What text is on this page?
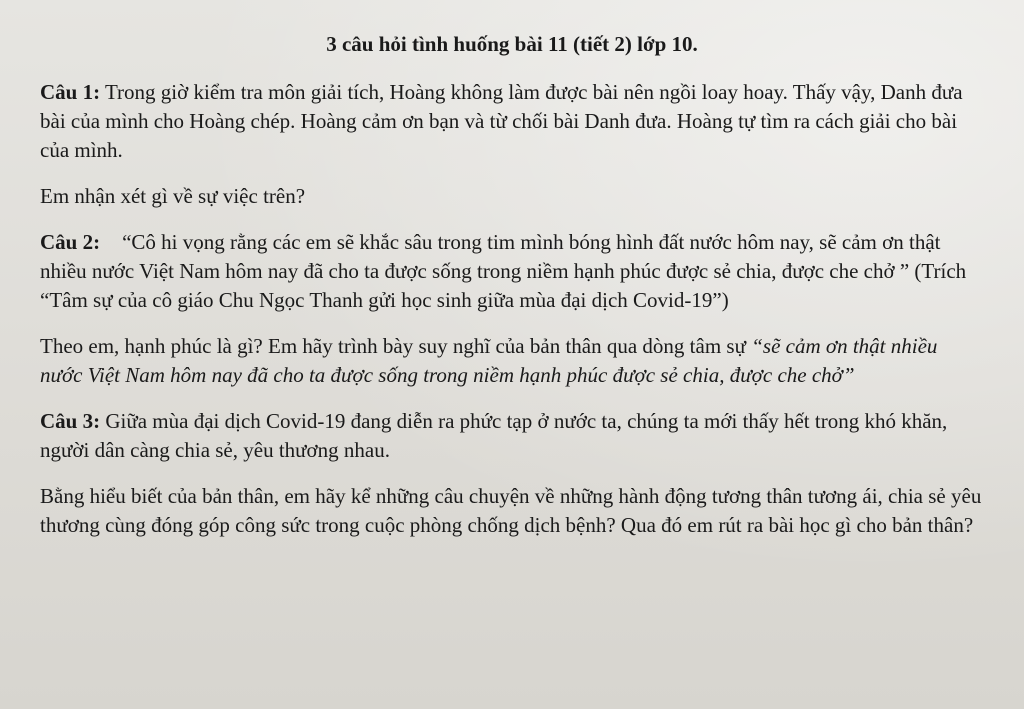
3 câu hỏi tình huống bài 11 (tiết 2) lớp 10.

Câu 1: Trong giờ kiểm tra môn giải tích, Hoàng không làm được bài nên ngồi loay hoay. Thấy vậy, Danh đưa bài của mình cho Hoàng chép. Hoàng cảm ơn bạn và từ chối bài Danh đưa. Hoàng tự tìm ra cách giải cho bài của mình.

Em nhận xét gì về sự việc trên?

Câu 2: “Cô hi vọng rằng các em sẽ khắc sâu trong tim mình bóng hình đất nước hôm nay, sẽ cảm ơn thật nhiều nước Việt Nam hôm nay đã cho ta được sống trong niềm hạnh phúc được sẻ chia, được che chở ” (Trích “Tâm sự của cô giáo Chu Ngọc Thanh gửi học sinh giữa mùa đại dịch Covid-19”)

Theo em, hạnh phúc là gì? Em hãy trình bày suy nghĩ của bản thân qua dòng tâm sự “sẽ cảm ơn thật nhiều nước Việt Nam hôm nay đã cho ta được sống trong niềm hạnh phúc được sẻ chia, được che chở”

Câu 3: Giữa mùa đại dịch Covid-19 đang diễn ra phức tạp ở nước ta, chúng ta mới thấy hết trong khó khăn, người dân càng chia sẻ, yêu thương nhau.

Bằng hiểu biết của bản thân, em hãy kể những câu chuyện về những hành động tương thân tương ái, chia sẻ yêu thương cùng đóng góp công sức trong cuộc phòng chống dịch bệnh? Qua đó em rút ra bài học gì cho bản thân?
